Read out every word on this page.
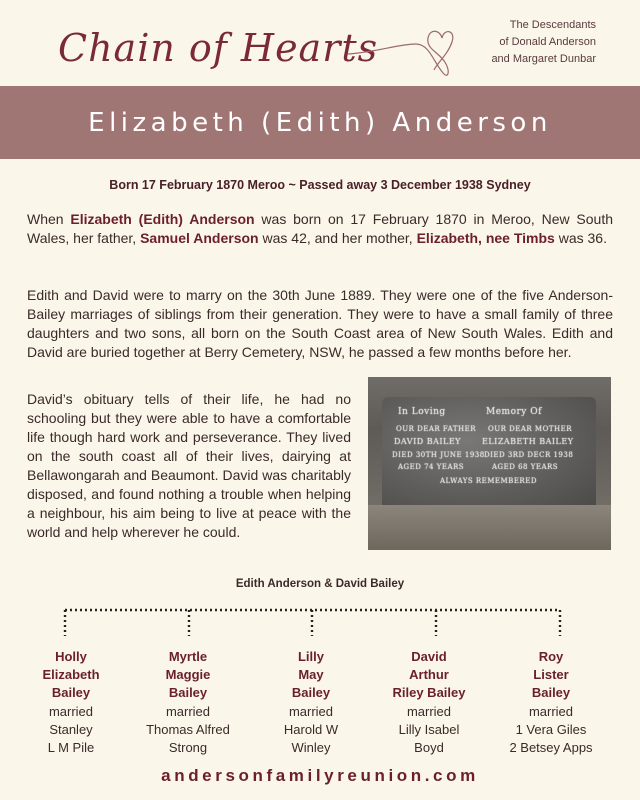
Chain of Hearts
The Descendants
of Donald Anderson
and Margaret Dunbar
Elizabeth (Edith) Anderson
Born 17 February 1870 Meroo ~ Passed away 3 December 1938 Sydney

When Elizabeth (Edith) Anderson was born on 17 February 1870 in Meroo, New South Wales, her father, Samuel Anderson was 42, and her mother, Elizabeth, nee Timbs was 36.

Edith and David were to marry on the 30th June 1889. They were one of the five Anderson-Bailey marriages of siblings from their generation. They were to have a small family of three daughters and two sons, all born on the South Coast area of New South Wales. Edith and David are buried together at Berry Cemetery, NSW, he passed a few months before her.

David’s obituary tells of their life, he had no schooling but they were able to have a comfortable life though hard work and perseverance. They lived on the south coast all of their lives, dairying at Bellawongarah and Beaumont. David was charitably disposed, and found nothing a trouble when helping a neighbour, his aim being to live at peace with the world and help wherever he could.

In Loving	Memory Of
OUR DEAR FATHER OUR DEAR MOTHER
DAVID BAILEY	ELIZABETH BAILEY
DIED 30TH JUNE 1938 DIED 3RD DECR 1938
AGED 74 YEARS	AGED 68 YEARS
ALWAYS REMEMBERED
Edith Anderson & David Bailey
Holly
Elizabeth
Bailey
married
Stanley
L M Pile
Myrtle
Maggie
Bailey
married
Thomas Alfred
Strong
Lilly
May
Bailey
married
Harold W
Winley
David
Arthur
Riley Bailey
married
Lilly Isabel
Boyd
Roy
Lister
Bailey
married
1 Vera Giles
2 Betsey Apps
andersonfamilyreunion.com
